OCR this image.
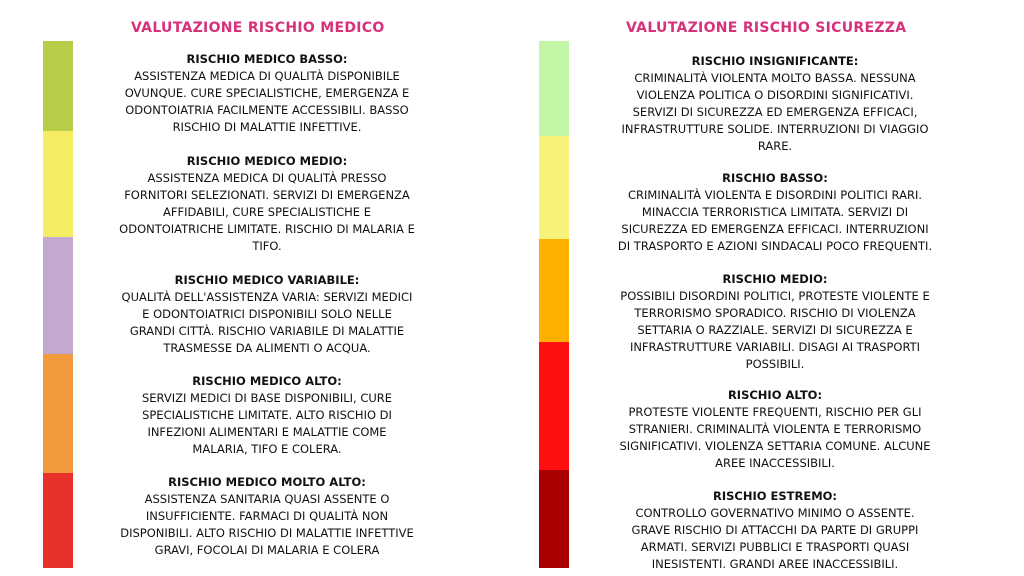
VALUTAZIONE RISCHIO MEDICO
RISCHIO MEDICO BASSO:
ASSISTENZA MEDICA DI QUALITÀ DISPONIBILE
OVUNQUE. CURE SPECIALISTICHE, EMERGENZA E
ODONTOIATRIA FACILMENTE ACCESSIBILI. BASSO
RISCHIO DI MALATTIE INFETTIVE.
RISCHIO MEDICO MEDIO:
ASSISTENZA MEDICA DI QUALITÀ PRESSO
FORNITORI SELEZIONATI. SERVIZI DI EMERGENZA
AFFIDABILI, CURE SPECIALISTICHE E
ODONTOIATRICHE LIMITATE. RISCHIO DI MALARIA E
TIFO.
RISCHIO MEDICO VARIABILE:
QUALITÀ DELL'ASSISTENZA VARIA: SERVIZI MEDICI
E ODONTOIATRICI DISPONIBILI SOLO NELLE
GRANDI CITTÀ. RISCHIO VARIABILE DI MALATTIE
TRASMESSE DA ALIMENTI O ACQUA.
RISCHIO MEDICO ALTO:
SERVIZI MEDICI DI BASE DISPONIBILI, CURE
SPECIALISTICHE LIMITATE. ALTO RISCHIO DI
INFEZIONI ALIMENTARI E MALATTIE COME
MALARIA, TIFO E COLERA.
RISCHIO MEDICO MOLTO ALTO:
ASSISTENZA SANITARIA QUASI ASSENTE O
INSUFFICIENTE. FARMACI DI QUALITÀ NON
DISPONIBILI. ALTO RISCHIO DI MALATTIE INFETTIVE
GRAVI, FOCOLAI DI MALARIA E COLERA
VALUTAZIONE RISCHIO SICUREZZA
RISCHIO INSIGNIFICANTE:
CRIMINALITÀ VIOLENTA MOLTO BASSA. NESSUNA
VIOLENZA POLITICA O DISORDINI SIGNIFICATIVI.
SERVIZI DI SICUREZZA ED EMERGENZA EFFICACI,
INFRASTRUTTURE SOLIDE. INTERRUZIONI DI VIAGGIO
RARE.
RISCHIO BASSO:
CRIMINALITÀ VIOLENTA E DISORDINI POLITICI RARI.
MINACCIA TERRORISTICA LIMITATA. SERVIZI DI
SICUREZZA ED EMERGENZA EFFICACI. INTERRUZIONI
DI TRASPORTO E AZIONI SINDACALI POCO FREQUENTI.
RISCHIO MEDIO:
POSSIBILI DISORDINI POLITICI, PROTESTE VIOLENTE E
TERRORISMO SPORADICO. RISCHIO DI VIOLENZA
SETTARIA O RAZZIALE. SERVIZI DI SICUREZZA E
INFRASTRUTTURE VARIABILI. DISAGI AI TRASPORTI
POSSIBILI.
RISCHIO ALTO:
PROTESTE VIOLENTE FREQUENTI, RISCHIO PER GLI
STRANIERI. CRIMINALITÀ VIOLENTA E TERRORISMO
SIGNIFICATIVI. VIOLENZA SETTARIA COMUNE. ALCUNE
AREE INACCESSIBILI.
RISCHIO ESTREMO:
CONTROLLO GOVERNATIVO MINIMO O ASSENTE.
GRAVE RISCHIO DI ATTACCHI DA PARTE DI GRUPPI
ARMATI. SERVIZI PUBBLICI E TRASPORTI QUASI
INESISTENTI. GRANDI AREE INACCESSIBILI.
